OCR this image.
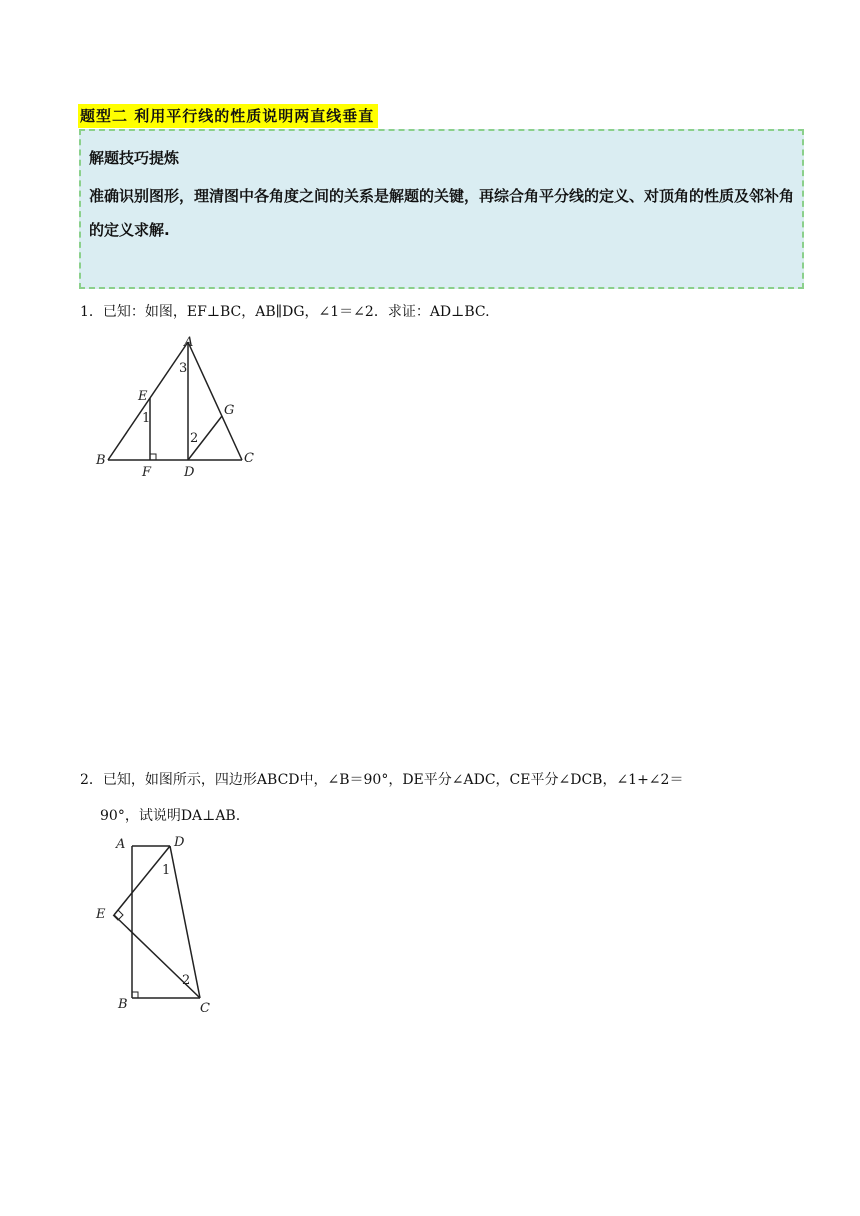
题型二 利用平行线的性质说明两直线垂直
解题技巧提炼
准确识别图形，理清图中各角度之间的关系是解题的关键，再综合角平分线的定义、对顶角的性质及邻补角的定义求解.
1．已知：如图，EF⊥BC，AB∥DG，∠1＝∠2．求证：AD⊥BC.
A
B	C
D
E
F
G
1
2
3
2．已知，如图所示，四边形ABCD中，∠B＝90°，DE平分∠ADC，CE平分∠DCB，∠1+∠2＝
90°，试说明DA⊥AB.
A	D
E
B	C
1
2
